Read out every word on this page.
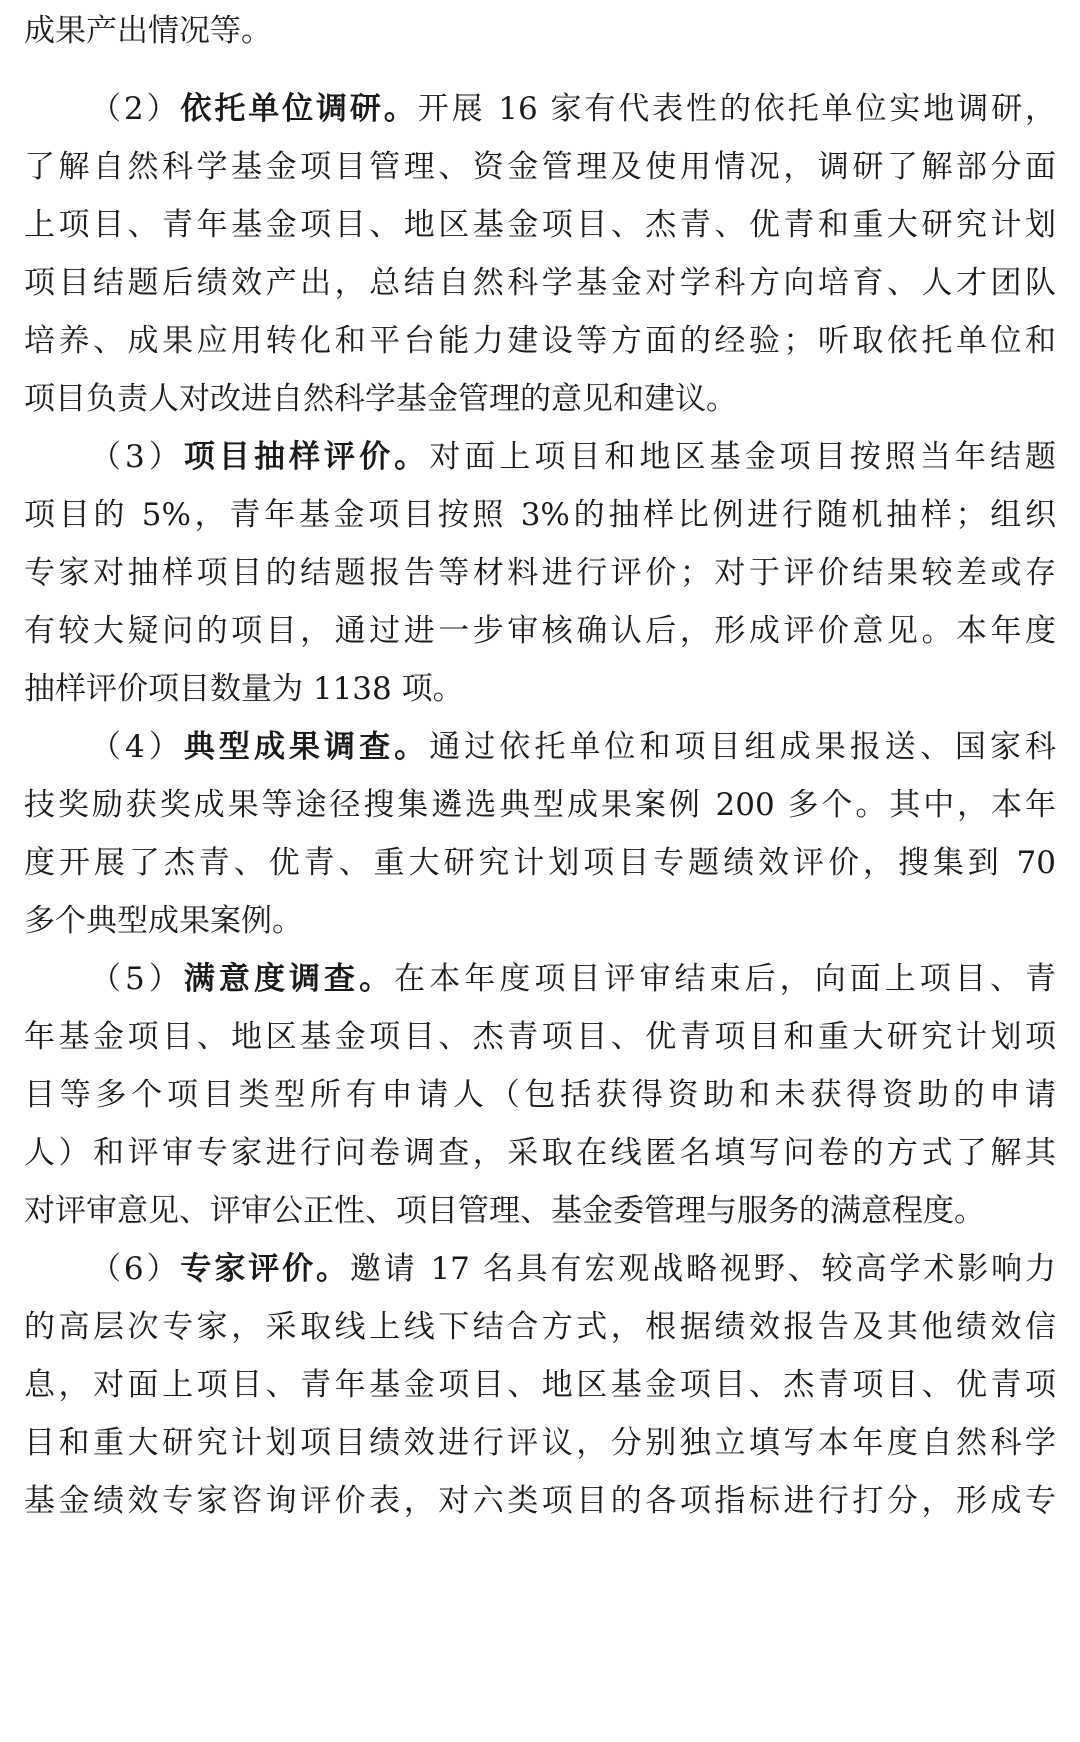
成果产出情况等。

（2）依托单位调研。开展 16 家有代表性的依托单位实地调研，

了解自然科学基金项目管理、资金管理及使用情况，调研了解部分面

上项目、青年基金项目、地区基金项目、杰青、优青和重大研究计划

项目结题后绩效产出，总结自然科学基金对学科方向培育、人才团队

培养、成果应用转化和平台能力建设等方面的经验；听取依托单位和

项目负责人对改进自然科学基金管理的意见和建议。

（3）项目抽样评价。对面上项目和地区基金项目按照当年结题

项目的 5%，青年基金项目按照 3%的抽样比例进行随机抽样；组织

专家对抽样项目的结题报告等材料进行评价；对于评价结果较差或存

有较大疑问的项目，通过进一步审核确认后，形成评价意见。本年度

抽样评价项目数量为 1138 项。

（4）典型成果调查。通过依托单位和项目组成果报送、国家科

技奖励获奖成果等途径搜集遴选典型成果案例 200 多个。其中，本年

度开展了杰青、优青、重大研究计划项目专题绩效评价，搜集到 70

多个典型成果案例。

（5）满意度调查。在本年度项目评审结束后，向面上项目、青

年基金项目、地区基金项目、杰青项目、优青项目和重大研究计划项

目等多个项目类型所有申请人（包括获得资助和未获得资助的申请

人）和评审专家进行问卷调查，采取在线匿名填写问卷的方式了解其

对评审意见、评审公正性、项目管理、基金委管理与服务的满意程度。

（6）专家评价。邀请 17 名具有宏观战略视野、较高学术影响力

的高层次专家，采取线上线下结合方式，根据绩效报告及其他绩效信

息，对面上项目、青年基金项目、地区基金项目、杰青项目、优青项

目和重大研究计划项目绩效进行评议，分别独立填写本年度自然科学

基金绩效专家咨询评价表，对六类项目的各项指标进行打分，形成专
